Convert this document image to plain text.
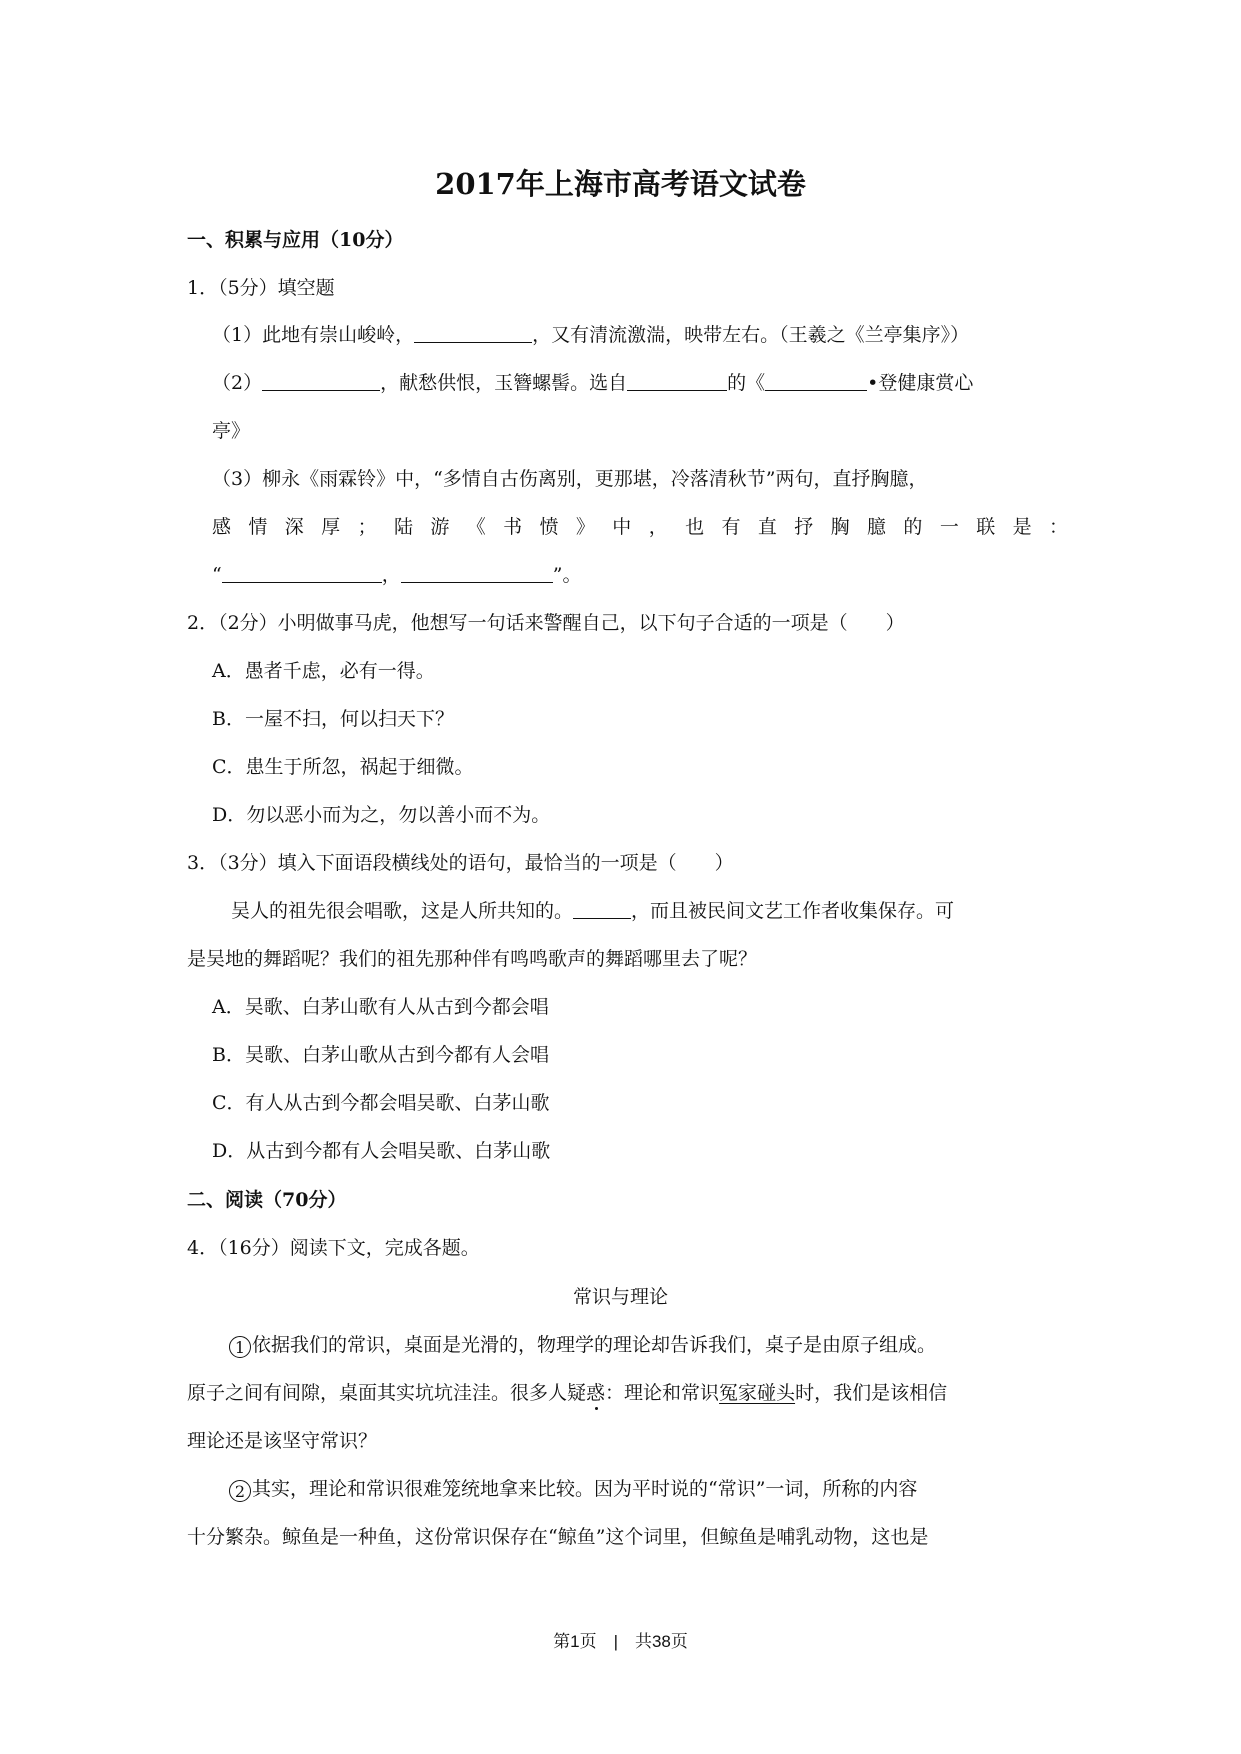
2017年上海市高考语文试卷
一、积累与应用（10分）
1．（5分）填空题
（1）此地有崇山峻岭，	，又有清流激湍，映带左右。（王羲之《兰亭集序》）
（2）	，献愁供恨，玉簪螺髻。选自	的《	•登健康赏心
亭》
（3）柳永《雨霖铃》中，“多情自古伤离别，更那堪，冷落清秋节”两句，直抒胸臆，
感 情 深 厚 ； 陆 游 《 书 愤 》 中 ， 也 有 直 抒 胸 臆 的 一 联 是 ：
“	，	”。
2．（2分）小明做事马虎，他想写一句话来警醒自己，以下句子合适的一项是（　　）
A．愚者千虑，必有一得。
B．一屋不扫，何以扫天下？
C．患生于所忽，祸起于细微。
D．勿以恶小而为之，勿以善小而不为。
3．（3分）填入下面语段横线处的语句，最恰当的一项是（　　）
吴人的祖先很会唱歌，这是人所共知的。	，而且被民间文艺工作者收集保存。可
是吴地的舞蹈呢？我们的祖先那种伴有鸣鸣歌声的舞蹈哪里去了呢？
A．吴歌、白茅山歌有人从古到今都会唱
B．吴歌、白茅山歌从古到今都有人会唱
C．有人从古到今都会唱吴歌、白茅山歌
D．从古到今都有人会唱吴歌、白茅山歌
二、阅读（70分）
4．（16分）阅读下文，完成各题。
常识与理论
1 依据我们的常识，桌面是光滑的，物理学的理论却告诉我们，桌子是由原子组成。
原子之间有间隙，桌面其实坑坑洼洼。很多人疑惑：理论和常识冤家碰头时，我们是该相信
理论还是该坚守常识？
2 其实，理论和常识很难笼统地拿来比较。因为平时说的“常识”一词，所称的内容
十分繁杂。鲸鱼是一种鱼，这份常识保存在“鲸鱼”这个词里，但鲸鱼是哺乳动物，这也是
第1页　|　共38页
